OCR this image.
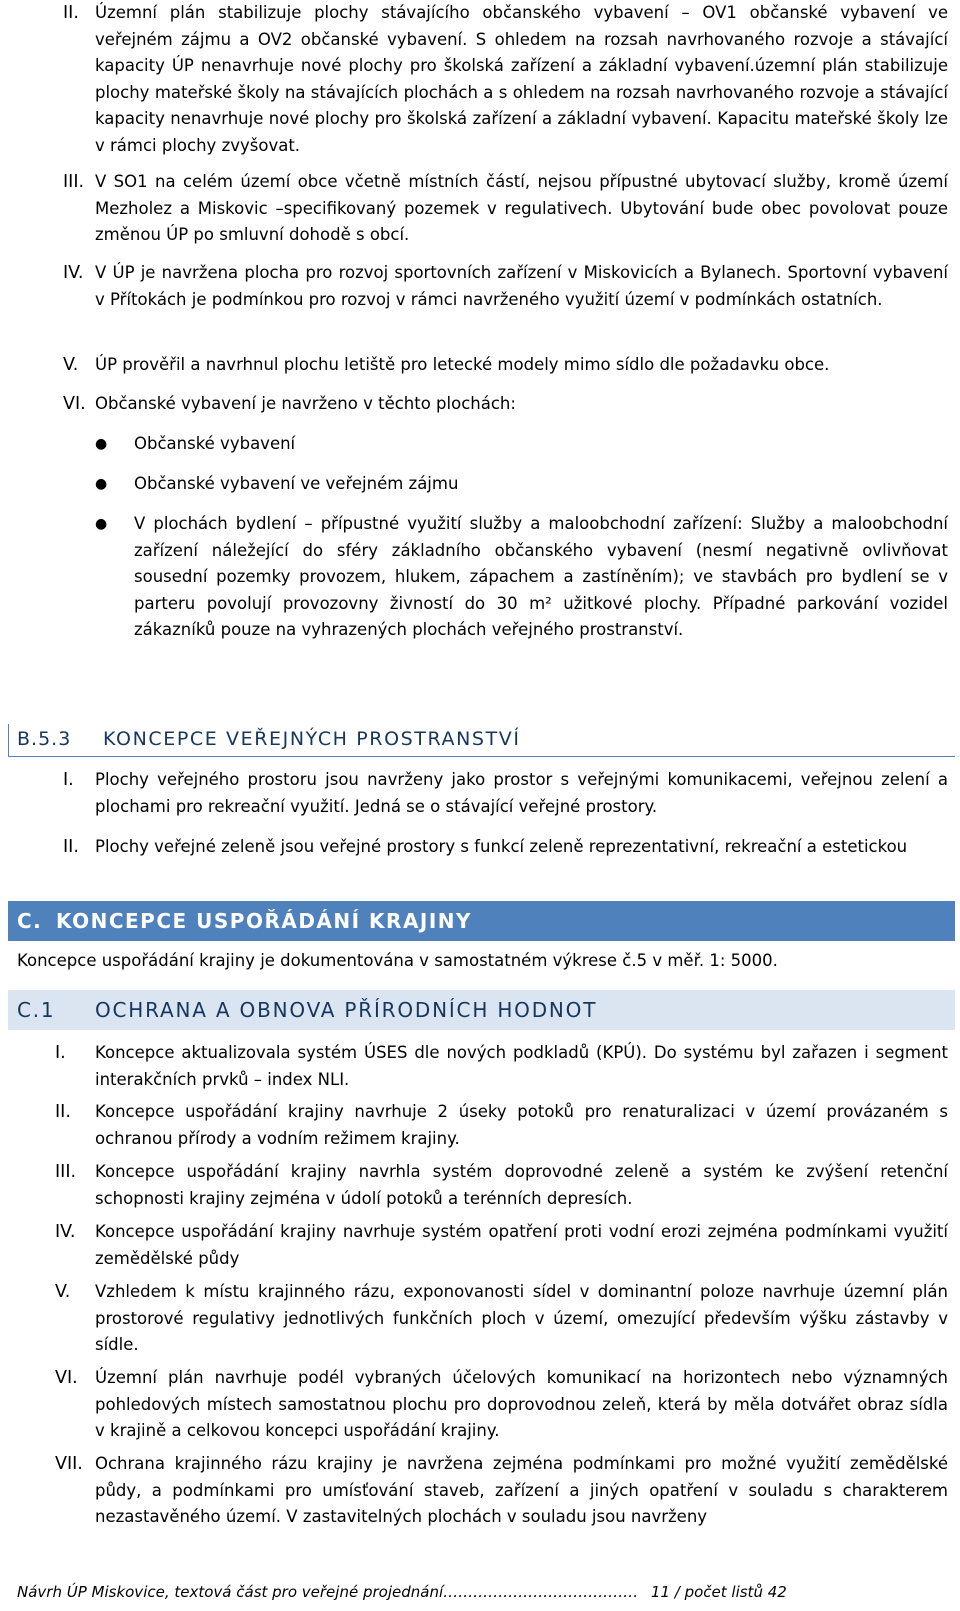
II. Územní plán stabilizuje plochy stávajícího občanského vybavení – OV1 občanské vybavení ve veřejném zájmu a OV2 občanské vybavení. S ohledem na rozsah navrhovaného rozvoje a stávající kapacity ÚP nenavrhuje nové plochy pro školská zařízení a základní vybavení.územní plán stabilizuje plochy mateřské školy na stávajících plochách a s ohledem na rozsah navrhovaného rozvoje a stávající kapacity nenavrhuje nové plochy pro školská zařízení a základní vybavení. Kapacitu mateřské školy lze v rámci plochy zvyšovat.
III. V SO1 na celém území obce včetně místních částí, nejsou přípustné ubytovací služby, kromě území Mezholez a Miskovic –specifikovaný pozemek v regulativech. Ubytování bude obec povolovat pouze změnou ÚP po smluvní dohodě s obcí.
IV. V ÚP je navržena plocha pro rozvoj sportovních zařízení v Miskovicích a Bylanech. Sportovní vybavení v Přítokách je podmínkou pro rozvoj v rámci navrženého využití území v podmínkách ostatních.
V. ÚP prověřil a navrhnul plochu letiště pro letecké modely mimo sídlo dle požadavku obce.
VI. Občanské vybavení je navrženo v těchto plochách:
● Občanské vybavení
● Občanské vybavení ve veřejném zájmu
● V plochách bydlení – přípustné využití služby a maloobchodní zařízení: Služby a maloobchodní zařízení náležející do sféry základního občanského vybavení (nesmí negativně ovlivňovat sousední pozemky provozem, hlukem, zápachem a zastíněním); ve stavbách pro bydlení se v parteru povolují provozovny živností do 30 m² užitkové plochy. Případné parkování vozidel zákazníků pouze na vyhrazených plochách veřejného prostranství.
B.5.3 KONCEPCE VEŘEJNÝCH PROSTRANSTVÍ
I. Plochy veřejného prostoru jsou navrženy jako prostor s veřejnými komunikacemi, veřejnou zelení a plochami pro rekreační využití. Jedná se o stávající veřejné prostory.
II. Plochy veřejné zeleně jsou veřejné prostory s funkcí zeleně reprezentativní, rekreační a estetickou
C. KONCEPCE USPOŘÁDÁNÍ KRAJINY
Koncepce uspořádání krajiny je dokumentována v samostatném výkrese č.5 v měř. 1: 5000.
C.1 OCHRANA A OBNOVA PŘÍRODNÍCH HODNOT
I. Koncepce aktualizovala systém ÚSES dle nových podkladů (KPÚ). Do systému byl zařazen i segment interakčních prvků – index NLI.
II. Koncepce uspořádání krajiny navrhuje 2 úseky potoků pro renaturalizaci v území provázaném s ochranou přírody a vodním režimem krajiny.
III. Koncepce uspořádání krajiny navrhla systém doprovodné zeleně a systém ke zvýšení retenční schopnosti krajiny zejména v údolí potoků a terénních depresích.
IV. Koncepce uspořádání krajiny navrhuje systém opatření proti vodní erozi zejména podmínkami využití zemědělské půdy
V. Vzhledem k místu krajinného rázu, exponovanosti sídel v dominantní poloze navrhuje územní plán prostorové regulativy jednotlivých funkčních ploch v území, omezující především výšku zástavby v sídle.
VI. Územní plán navrhuje podél vybraných účelových komunikací na horizontech nebo významných pohledových místech samostatnou plochu pro doprovodnou zeleň, která by měla dotvářet obraz sídla v krajině a celkovou koncepci uspořádání krajiny.
VII. Ochrana krajinného rázu krajiny je navržena zejména podmínkami pro možné využití zemědělské půdy, a podmínkami pro umísťování staveb, zařízení a jiných opatření v souladu s charakterem nezastavěného území. V zastavitelných plochách v souladu jsou navrženy
Návrh ÚP Miskovice, textová část pro veřejné projednání………………………………… 11 / počet listů 42
